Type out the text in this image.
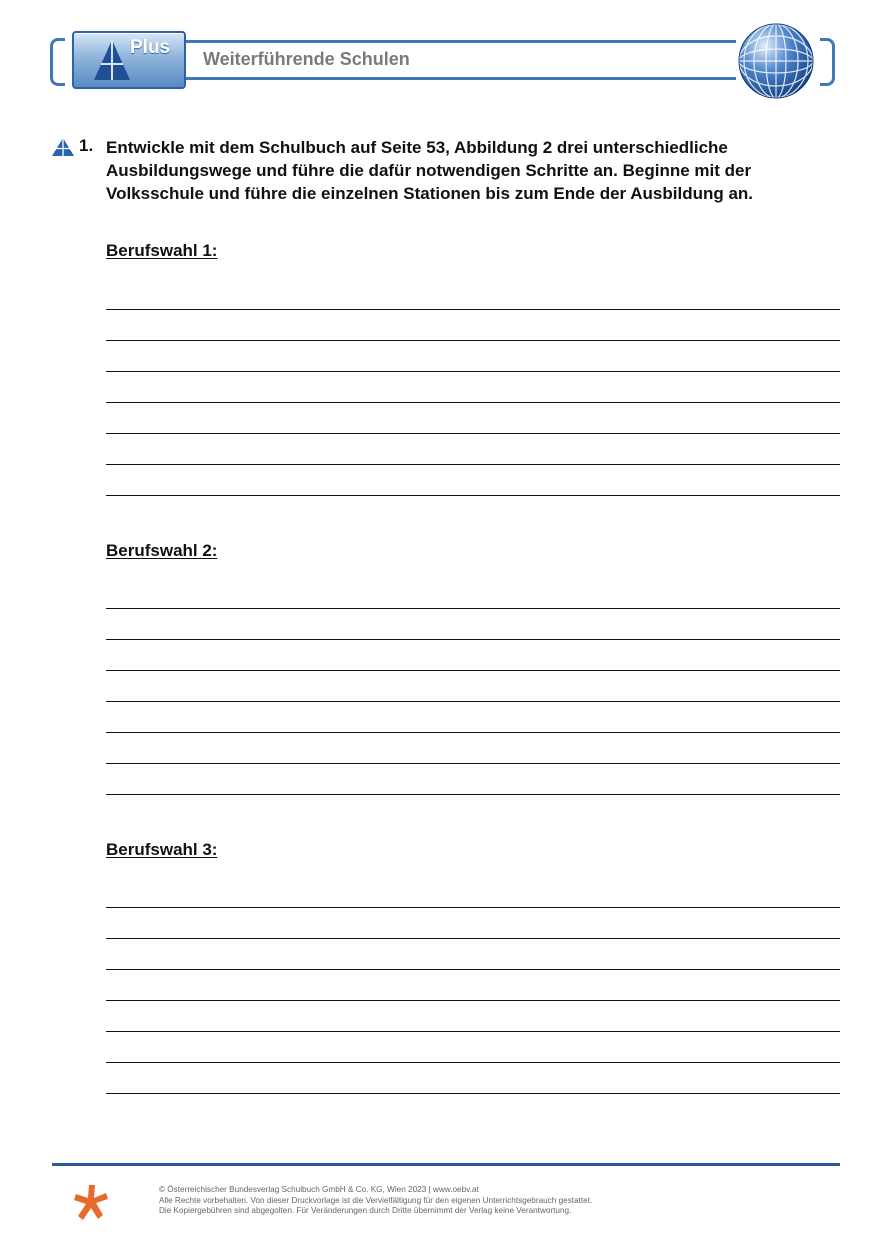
Plus
Weiterführende Schulen
1. Entwickle mit dem Schulbuch auf Seite 53, Abbildung 2 drei unterschiedliche Ausbildungswege und führe die dafür notwendigen Schritte an. Beginne mit der Volksschule und führe die einzelnen Stationen bis zum Ende der Ausbildung an.
Berufswahl 1:
Berufswahl 2:
Berufswahl 3:
© Österreichischer Bundesverlag Schulbuch GmbH & Co. KG, Wien 2023 | www.oebv.at
Alle Rechte vorbehalten. Von dieser Druckvorlage ist die Vervielfältigung für den eigenen Unterrichtsgebrauch gestattet.
Die Kopiergebühren sind abgegolten. Für Veränderungen durch Dritte übernimmt der Verlag keine Verantwortung.
